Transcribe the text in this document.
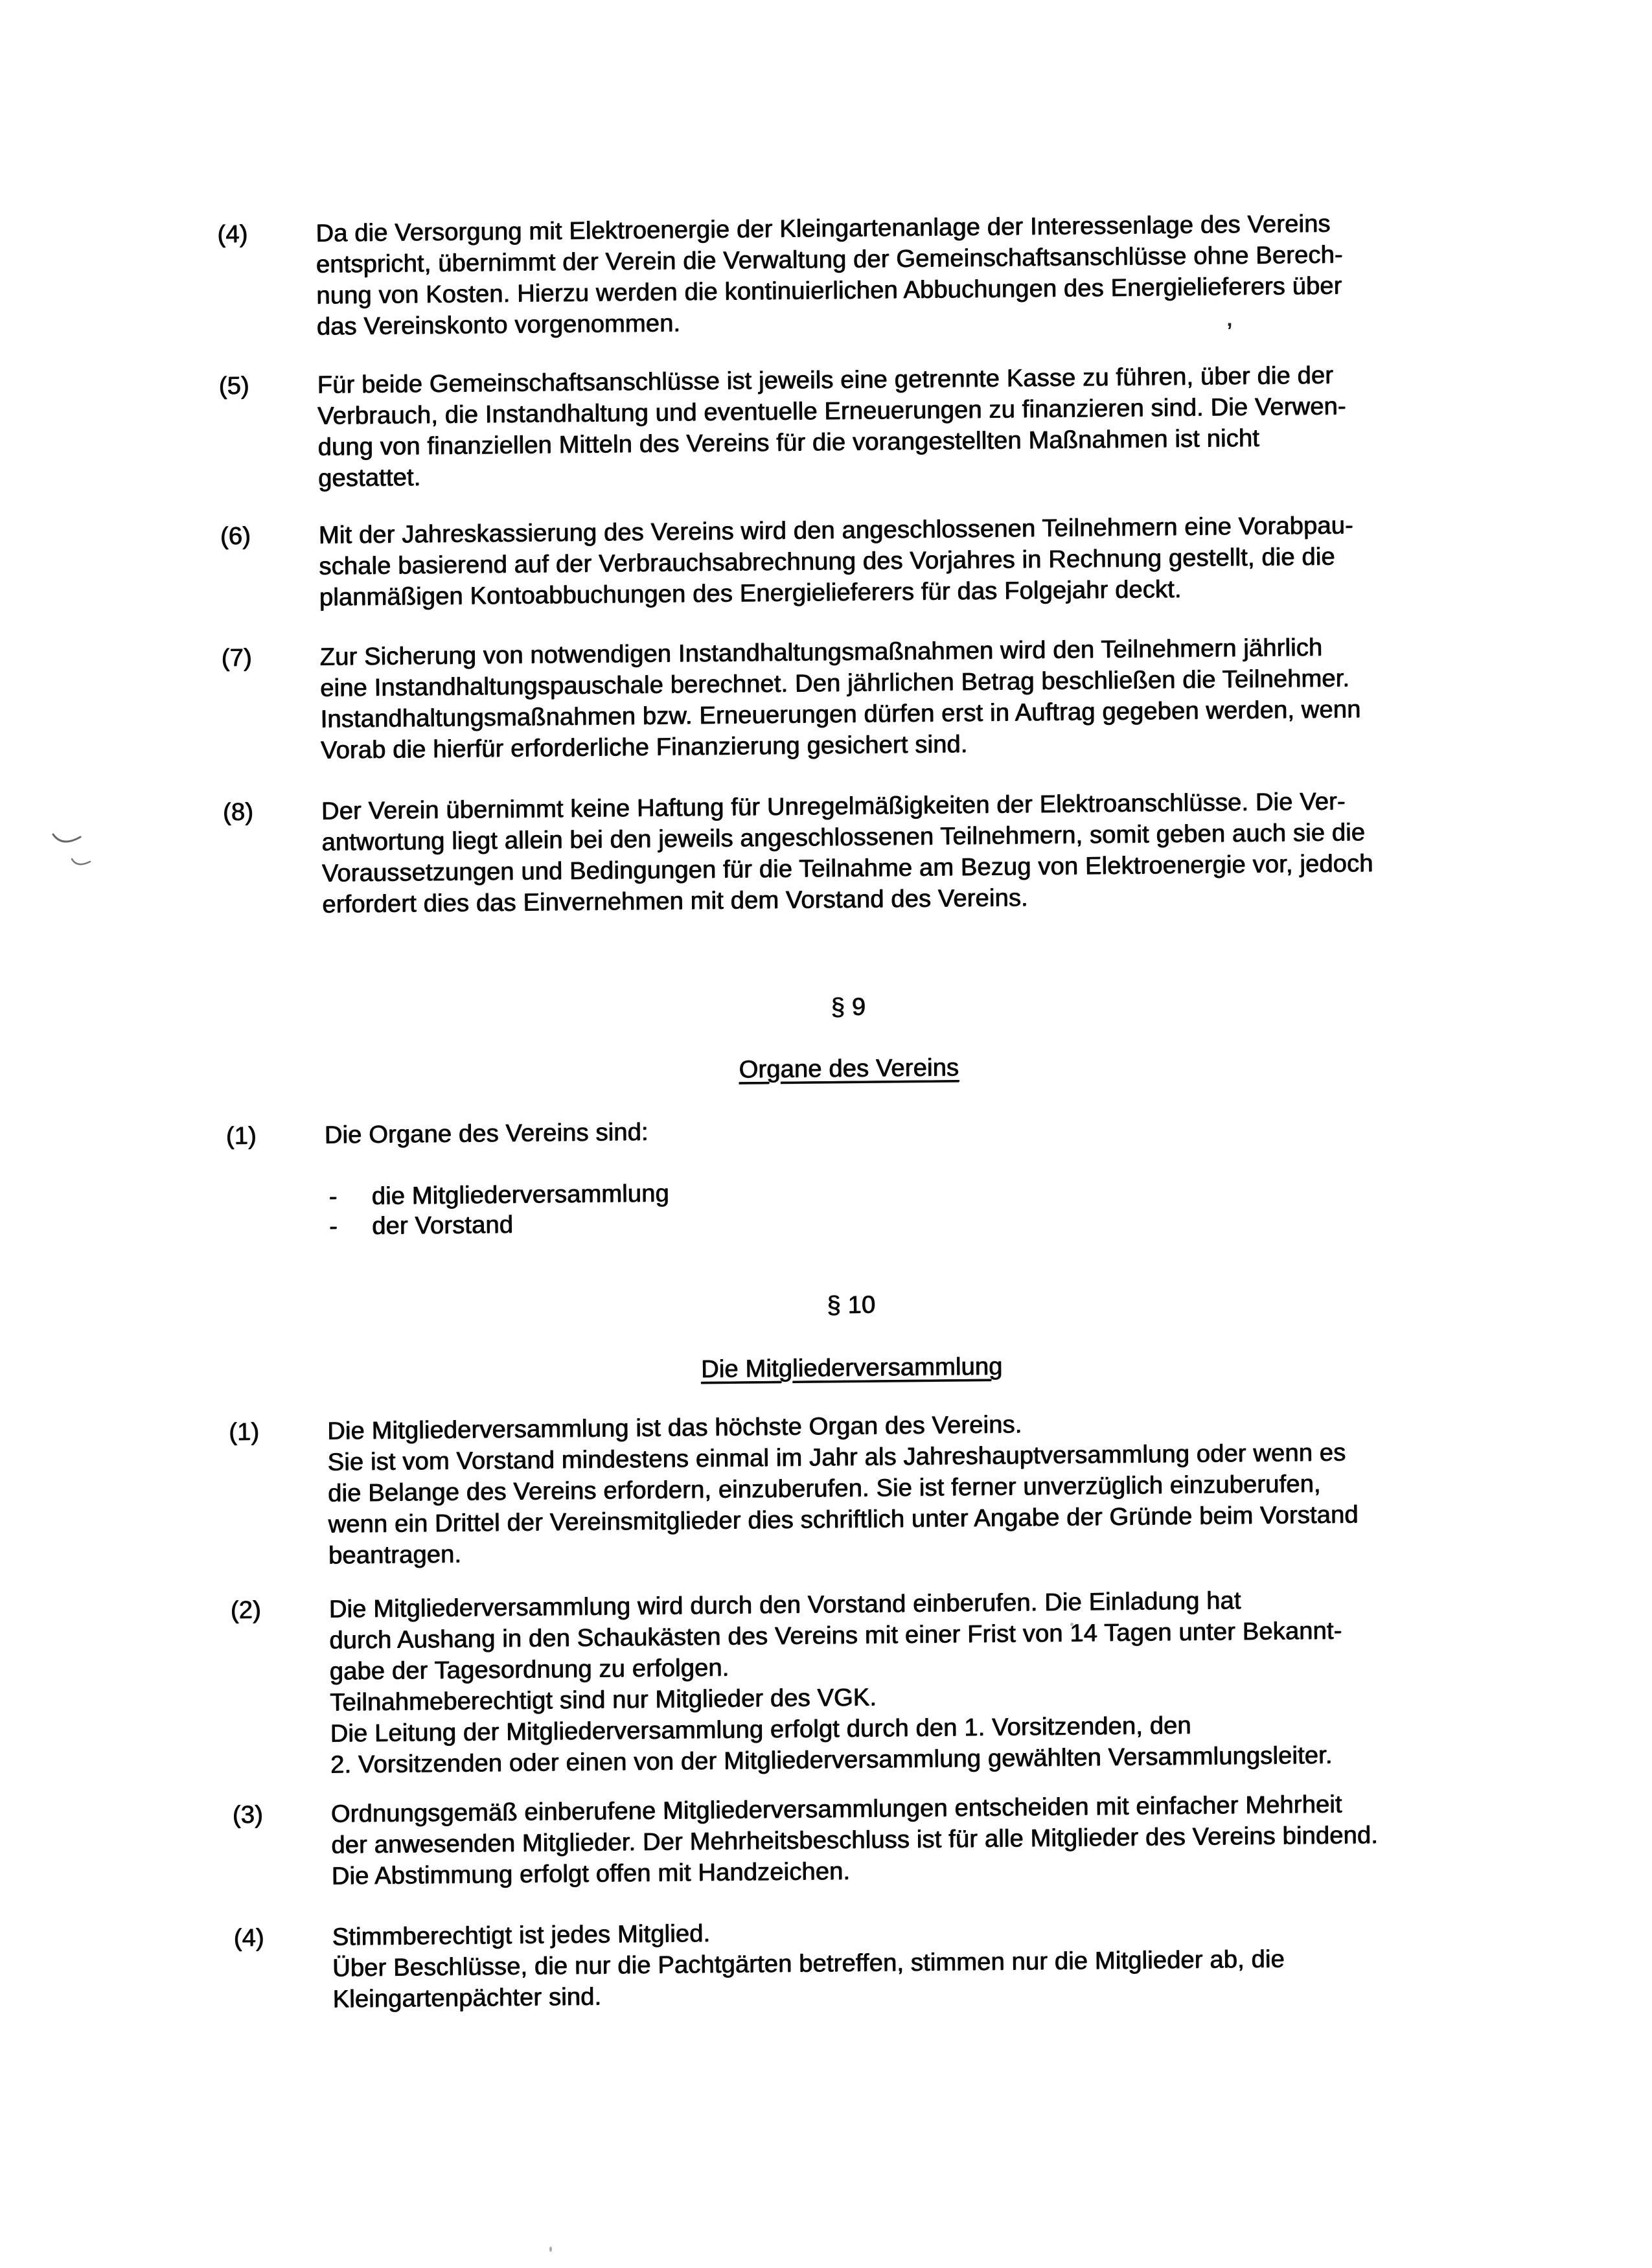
(4)	Da die Versorgung mit Elektroenergie der Kleingartenanlage der Interessenlage des Vereins
entspricht, übernimmt der Verein die Verwaltung der Gemeinschaftsanschlüsse ohne Berech-
nung von Kosten. Hierzu werden die kontinuierlichen Abbuchungen des Energielieferers über
das Vereinskonto vorgenommen.
(5)	Für beide Gemeinschaftsanschlüsse ist jeweils eine getrennte Kasse zu führen, über die der
Verbrauch, die Instandhaltung und eventuelle Erneuerungen zu finanzieren sind. Die Verwen-
dung von finanziellen Mitteln des Vereins für die vorangestellten Maßnahmen ist nicht
gestattet.
(6)	Mit der Jahreskassierung des Vereins wird den angeschlossenen Teilnehmern eine Vorabpau-
schale basierend auf der Verbrauchsabrechnung des Vorjahres in Rechnung gestellt, die die
planmäßigen Kontoabbuchungen des Energielieferers für das Folgejahr deckt.
(7)	Zur Sicherung von notwendigen Instandhaltungsmaßnahmen wird den Teilnehmern jährlich
eine Instandhaltungspauschale berechnet. Den jährlichen Betrag beschließen die Teilnehmer.
Instandhaltungsmaßnahmen bzw. Erneuerungen dürfen erst in Auftrag gegeben werden, wenn
Vorab die hierfür erforderliche Finanzierung gesichert sind.
(8)	Der Verein übernimmt keine Haftung für Unregelmäßigkeiten der Elektroanschlüsse. Die Ver-
antwortung liegt allein bei den jeweils angeschlossenen Teilnehmern, somit geben auch sie die
Voraussetzungen und Bedingungen für die Teilnahme am Bezug von Elektroenergie vor, jedoch
erfordert dies das Einvernehmen mit dem Vorstand des Vereins.
§ 9
Organe des Vereins
(1)	Die Organe des Vereins sind:
-	die Mitgliederversammlung
-	der Vorstand
§ 10
Die Mitgliederversammlung
(1)	Die Mitgliederversammlung ist das höchste Organ des Vereins.
Sie ist vom Vorstand mindestens einmal im Jahr als Jahreshauptversammlung oder wenn es
die Belange des Vereins erfordern, einzuberufen. Sie ist ferner unverzüglich einzuberufen,
wenn ein Drittel der Vereinsmitglieder dies schriftlich unter Angabe der Gründe beim Vorstand
beantragen.
(2)	Die Mitgliederversammlung wird durch den Vorstand einberufen. Die Einladung hat
durch Aushang in den Schaukästen des Vereins mit einer Frist von 14 Tagen unter Bekannt-
gabe der Tagesordnung zu erfolgen.
Teilnahmeberechtigt sind nur Mitglieder des VGK.
Die Leitung der Mitgliederversammlung erfolgt durch den 1. Vorsitzenden, den
2. Vorsitzenden oder einen von der Mitgliederversammlung gewählten Versammlungsleiter.
(3)	Ordnungsgemäß einberufene Mitgliederversammlungen entscheiden mit einfacher Mehrheit
der anwesenden Mitglieder. Der Mehrheitsbeschluss ist für alle Mitglieder des Vereins bindend.
Die Abstimmung erfolgt offen mit Handzeichen.
(4)	Stimmberechtigt ist jedes Mitglied.
Über Beschlüsse, die nur die Pachtgärten betreffen, stimmen nur die Mitglieder ab, die
Kleingartenpächter sind.
,
